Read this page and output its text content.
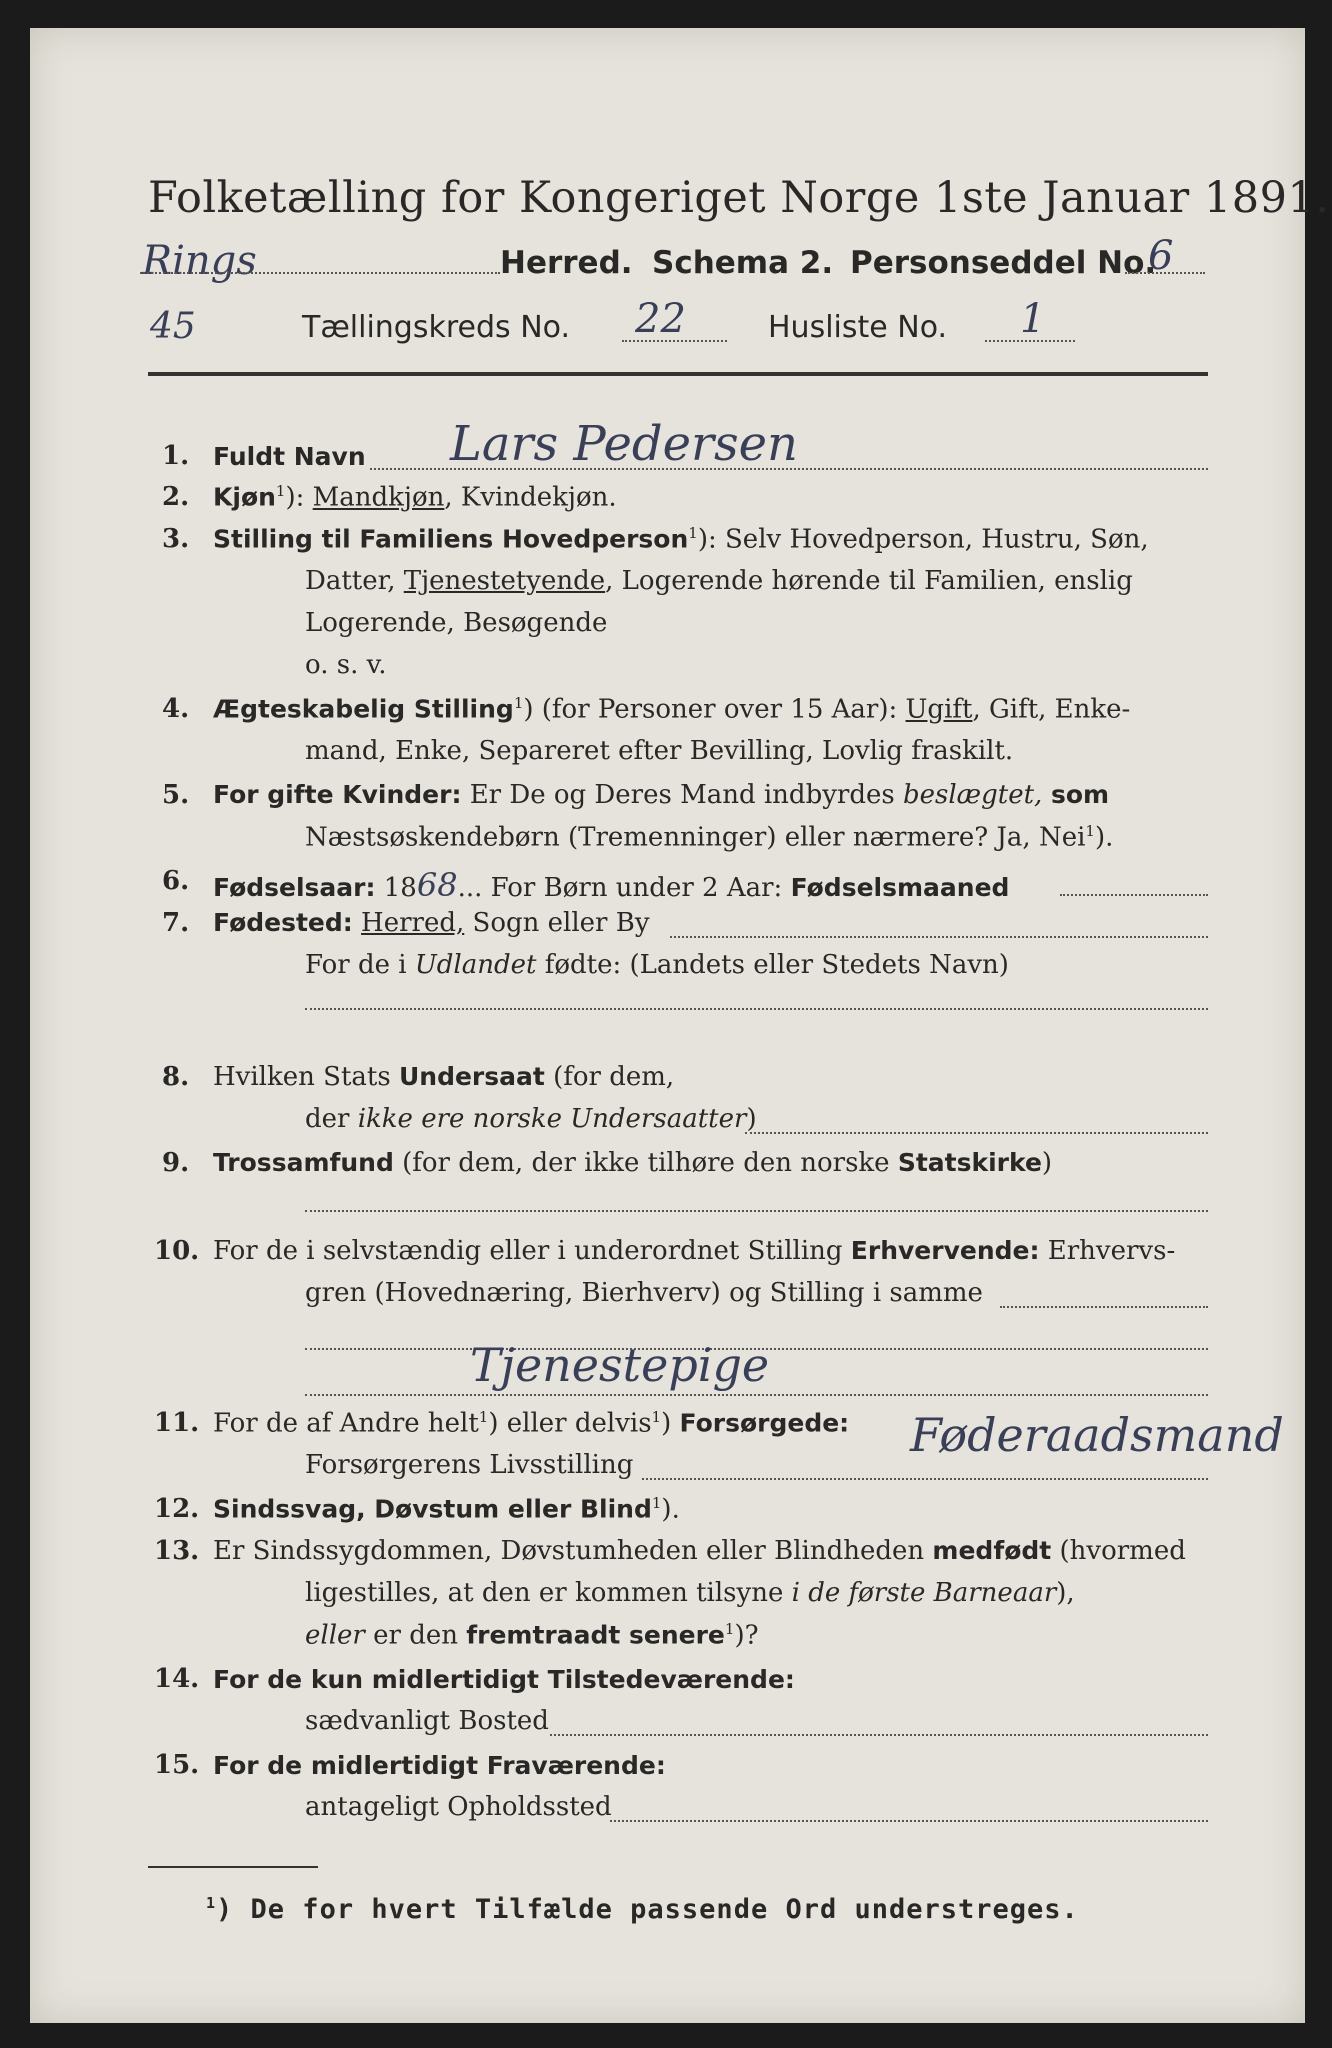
Folketælling for Kongeriget Norge 1ste Januar 1891.
Rings	Herred. Schema 2. Personseddel No.
6
45	Tællingskreds No. 22	Husliste No. 1
1. Fuldt Navn Lars Pedersen
2. Kjøn$^1$): Mandkjøn, Kvindekjøn.
3. Stilling til Familiens Hovedperson$^1$): Selv Hovedperson, Hustru, Søn,
Datter, Tjenestetyende, Logerende hørende til Familien, enslig
Logerende, Besøgende
o. s. v.
4. Ægteskabelig Stilling$^1$) (for Personer over 15 Aar): Ugift, Gift, Enke-
mand, Enke, Separeret efter Bevilling, Lovlig fraskilt.
5. For gifte Kvinder: Er De og Deres Mand indbyrdes beslægtet, som
Næstsøskendebørn (Tremenninger) eller nærmere? Ja, Nei$^1$).
6. Fødselsaar: 1868... For Børn under 2 Aar: Fødselsmaaned
7. Fødested: Herred, Sogn eller By
For de i Udlandet fødte: (Landets eller Stedets Navn)
8. Hvilken Stats Undersaat (for dem,
der ikke ere norske Undersaatter)
9. Trossamfund (for dem, der ikke tilhøre den norske Statskirke)
10. For de i selvstændig eller i underordnet Stilling Erhvervende: Erhvervs-
gren (Hovednæring, Bierhverv) og Stilling i samme
Tjenestepige
11. For de af Andre helt$^1$) eller delvis$^1$) Forsørgede:
Forsørgerens Livsstilling
Føderaadsmand
12. Sindssvag, Døvstum eller Blind$^1$).
13. Er Sindssygdommen, Døvstumheden eller Blindheden medfødt (hvormed
ligestilles, at den er kommen tilsyne i de første Barneaar),
eller er den fremtraadt senere$^1$)?
14. For de kun midlertidigt Tilstedeværende:
sædvanligt Bosted
15. For de midlertidigt Fraværende:
antageligt Opholdssted
$^1$) De for hvert Tilfælde passende Ord understreges.
